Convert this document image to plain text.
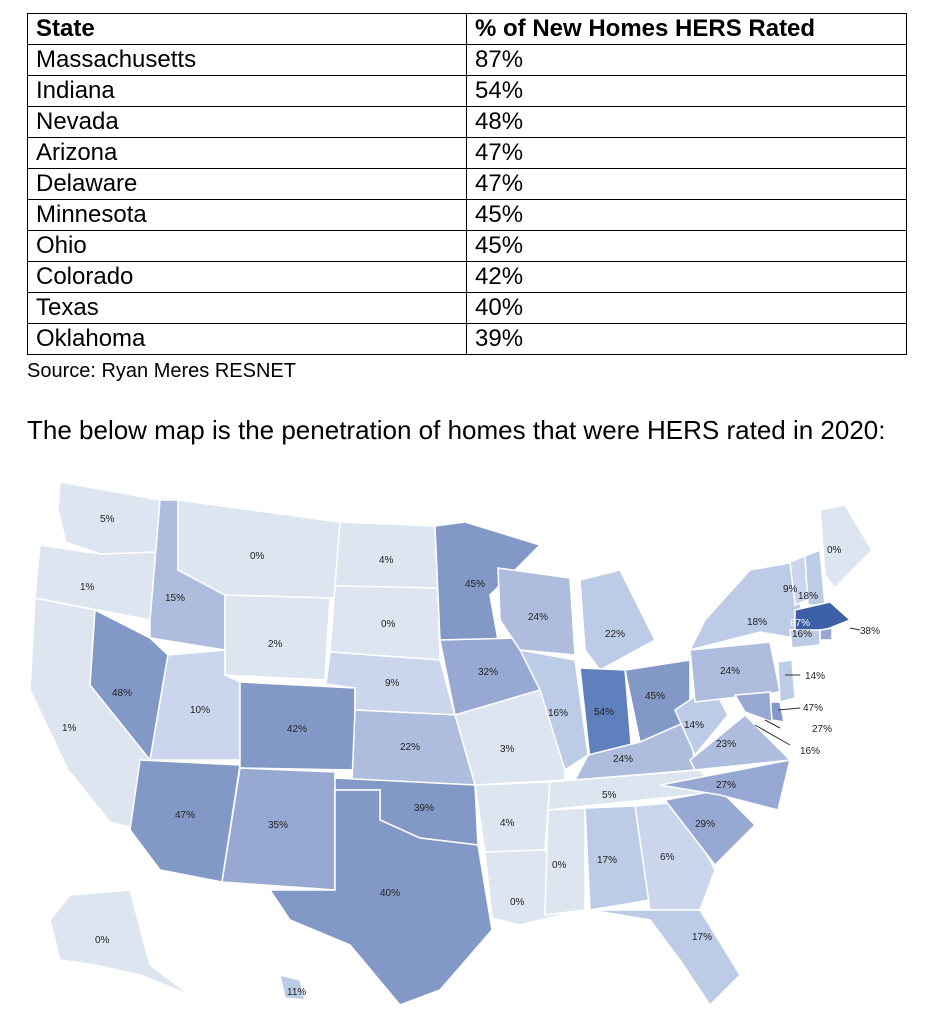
State	% of New Homes HERS Rated
Massachusetts	87%
Indiana	54%
Nevada	48%
Arizona	47%
Delaware	47%
Minnesota	45%
Ohio	45%
Colorado	42%
Texas	40%
Oklahoma	39%
Source: Ryan Meres RESNET
The below map is the penetration of homes that were HERS rated in 2020:
5%
1%
1%
15%
48%
0%
2%
10%
47%
42%
35%
4%
0%
9%
22%
39%
40%
45%
32%
3%
4%
0%
24%
16%
22%
54%
45%
24%
5%
0%	17%	6%
17%
29%
27%
23%
14%
24%
18%
9%
18%
0%
87%
16%	38%
14%
47%
27%
16%
0%
11%
